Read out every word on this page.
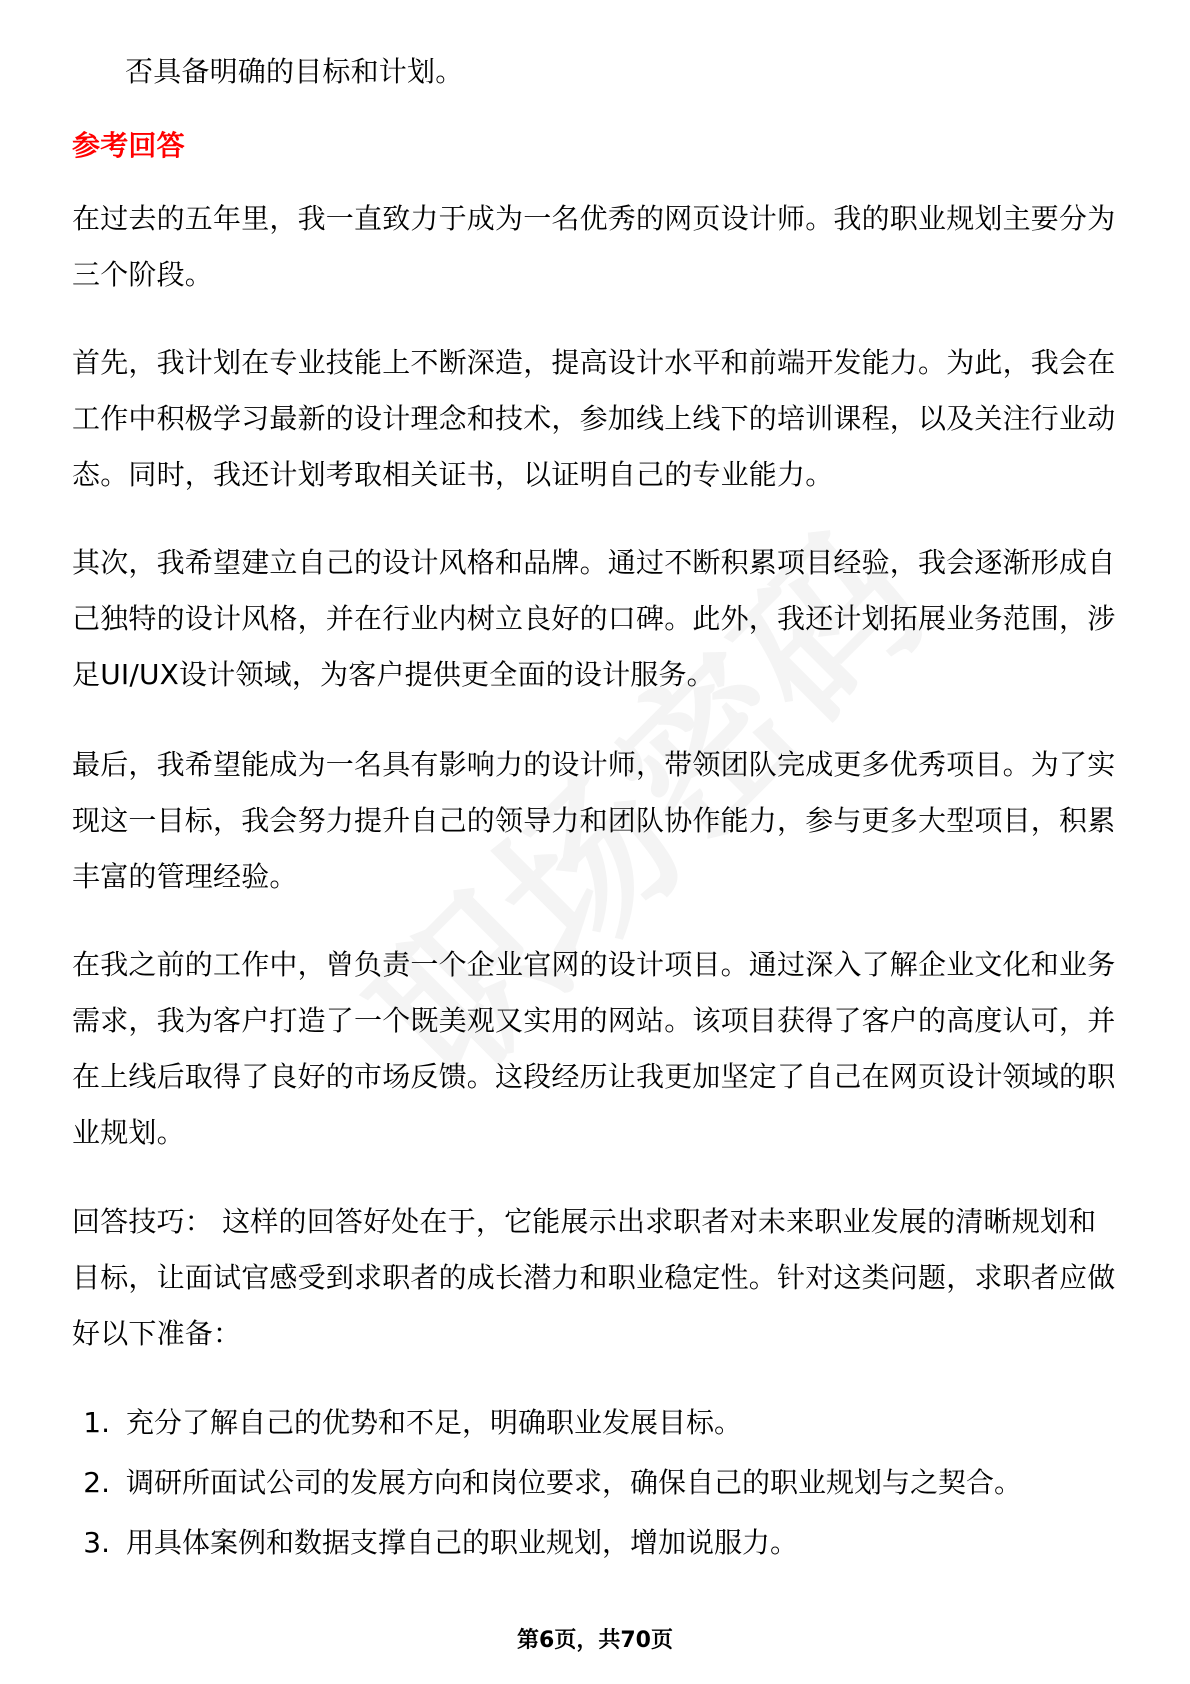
否具备明确的目标和计划。
参考回答
在过去的五年里，我一直致力于成为一名优秀的网页设计师。我的职业规划主要分为三个阶段。
首先，我计划在专业技能上不断深造，提高设计水平和前端开发能力。为此，我会在工作中积极学习最新的设计理念和技术，参加线上线下的培训课程，以及关注行业动态。同时，我还计划考取相关证书，以证明自己的专业能力。
其次，我希望建立自己的设计风格和品牌。通过不断积累项目经验，我会逐渐形成自己独特的设计风格，并在行业内树立良好的口碑。此外，我还计划拓展业务范围，涉足UI/UX设计领域，为客户提供更全面的设计服务。
最后，我希望能成为一名具有影响力的设计师，带领团队完成更多优秀项目。为了实现这一目标，我会努力提升自己的领导力和团队协作能力，参与更多大型项目，积累丰富的管理经验。
在我之前的工作中，曾负责一个企业官网的设计项目。通过深入了解企业文化和业务需求，我为客户打造了一个既美观又实用的网站。该项目获得了客户的高度认可，并在上线后取得了良好的市场反馈。这段经历让我更加坚定了自己在网页设计领域的职业规划。
回答技巧： 这样的回答好处在于，它能展示出求职者对未来职业发展的清晰规划和目标，让面试官感受到求职者的成长潜力和职业稳定性。针对这类问题，求职者应做好以下准备：
1. 充分了解自己的优势和不足，明确职业发展目标。
2. 调研所面试公司的发展方向和岗位要求，确保自己的职业规划与之契合。
3. 用具体案例和数据支撑自己的职业规划，增加说服力。
第6页，共70页
